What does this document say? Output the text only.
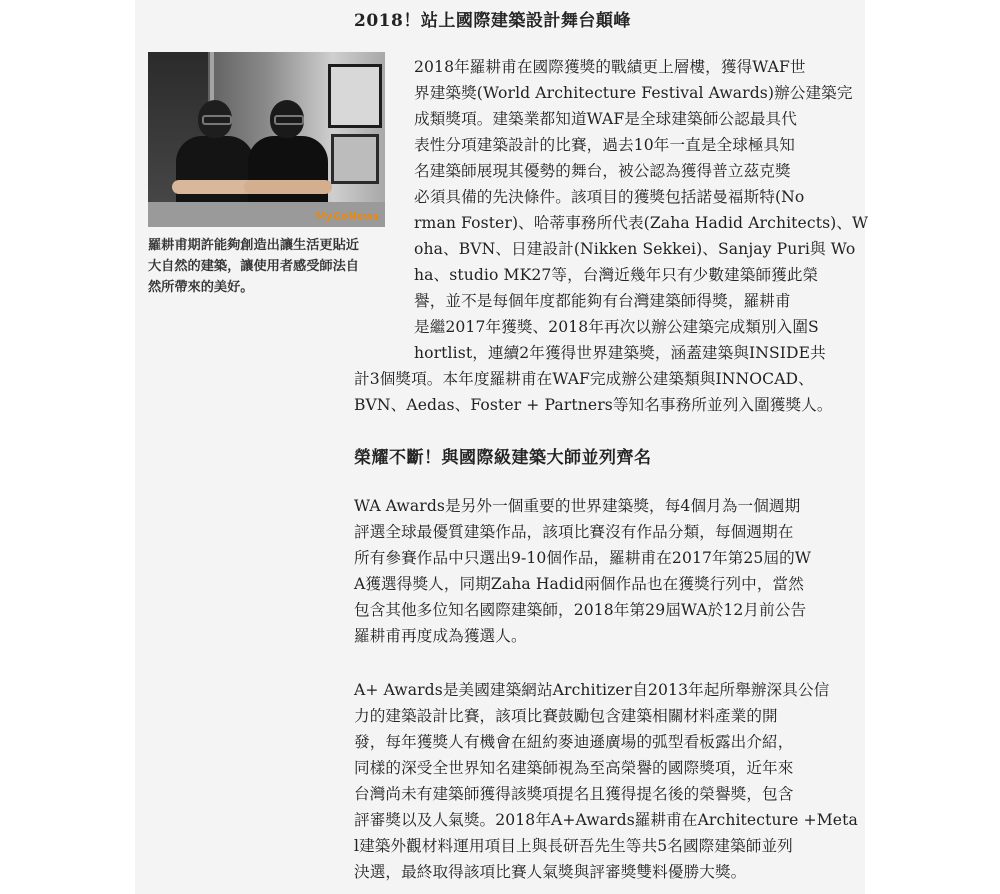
2018！站上國際建築設計舞台顛峰
MyGoNews
羅耕甫期許能夠創造出讓生活更貼近
大自然的建築，讓使用者感受師法自
然所帶來的美好。
2018年羅耕甫在國際獲獎的戰績更上層樓，獲得WAF世
界建築獎(World Architecture Festival Awards)辦公建築完
成類獎項。建築業都知道WAF是全球建築師公認最具代
表性分項建築設計的比賽，過去10年一直是全球極具知
名建築師展現其優勢的舞台，被公認為獲得普立茲克獎
必須具備的先決條件。該項目的獲獎包括諾曼福斯特(No
rman Foster)、哈蒂事務所代表(Zaha Hadid Architects)、W
oha、BVN、日建設計(Nikken Sekkei)、Sanjay Puri與 Wo
ha、studio MK27等，台灣近幾年只有少數建築師獲此榮
譽，並不是每個年度都能夠有台灣建築師得獎，羅耕甫
是繼2017年獲獎、2018年再次以辦公建築完成類別入圍S
hortlist，連續2年獲得世界建築獎，涵蓋建築與INSIDE共
計3個獎項。本年度羅耕甫在WAF完成辦公建築類與INNOCAD、
BVN、Aedas、Foster + Partners等知名事務所並列入圍獲獎人。
榮耀不斷！與國際級建築大師並列齊名
WA Awards是另外一個重要的世界建築獎，每4個月為一個週期
評選全球最優質建築作品，該項比賽沒有作品分類，每個週期在
所有參賽作品中只選出9-10個作品，羅耕甫在2017年第25屆的W
A獲選得獎人，同期Zaha Hadid兩個作品也在獲獎行列中，當然
包含其他多位知名國際建築師，2018年第29屆WA於12月前公告
羅耕甫再度成為獲選人。
A+ Awards是美國建築網站Architizer自2013年起所舉辦深具公信
力的建築設計比賽，該項比賽鼓勵包含建築相關材料產業的開
發，每年獲獎人有機會在紐約麥迪遜廣場的弧型看板露出介紹，
同樣的深受全世界知名建築師視為至高榮譽的國際獎項，近年來
台灣尚未有建築師獲得該獎項提名且獲得提名後的榮譽獎，包含
評審獎以及人氣獎。2018年A+Awards羅耕甫在Architecture +Meta
l建築外觀材料運用項目上與長研吾先生等共5名國際建築師並列
決選，最終取得該項比賽人氣獎與評審獎雙料優勝大獎。
